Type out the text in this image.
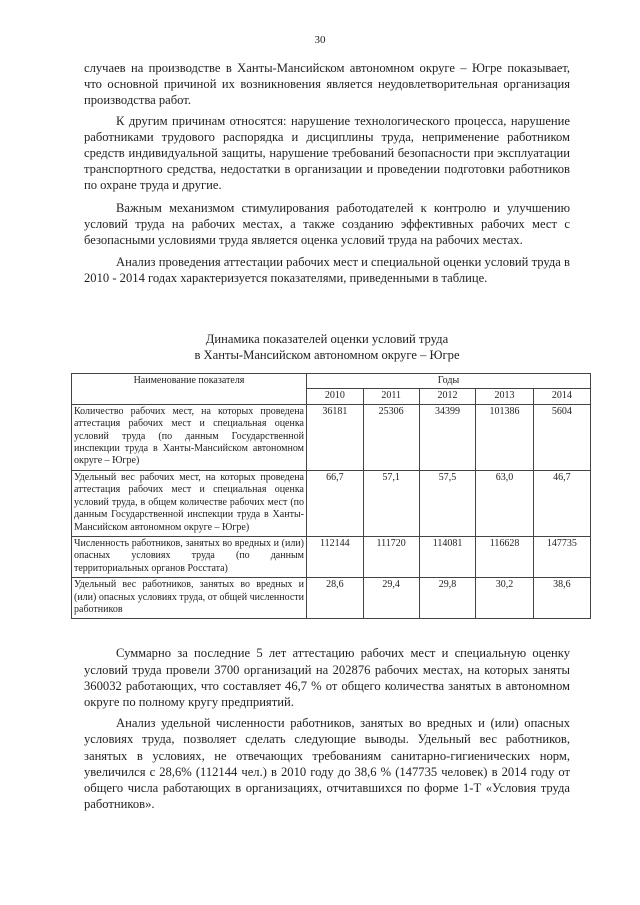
30

случаев на производстве в Ханты-Мансийском автономном округе – Югре показывает, что основной причиной их возникновения является неудовлетворительная организация производства работ.

К другим причинам относятся: нарушение технологического процесса, нарушение работниками трудового распорядка и дисциплины труда, неприменение работником средств индивидуальной защиты, нарушение требований безопасности при эксплуатации транспортного средства, недостатки в организации и проведении подготовки работников по охране труда и другие.

Важным механизмом стимулирования работодателей к контролю и улучшению условий труда на рабочих местах, а также созданию эффективных рабочих мест с безопасными условиями труда является оценка условий труда на рабочих местах.

Анализ проведения аттестации рабочих мест и специальной оценки условий труда в 2010 - 2014 годах характеризуется показателями, приведенными в таблице.

Динамика показателей оценки условий труда
в Ханты-Мансийском автономном округе – Югре
Наименование показателя	Годы				
	2010	2011	2012	2013	2014
Количество рабочих мест, на которых проведена аттестация рабочих мест и специальная оценка условий труда (по данным Государственной инспекции труда в Ханты-Мансийском автономном округе – Югре)	36181	25306	34399	101386	5604
Удельный вес рабочих мест, на которых проведена аттестация рабочих мест и специальная оценка условий труда, в общем количестве рабочих мест (по данным Государственной инспекции труда в Ханты-Мансийском автономном округе – Югре)	66,7	57,1	57,5	63,0	46,7
Численность работников, занятых во вредных и (или) опасных условиях труда (по данным территориальных органов Росстата)	112144	111720	114081	116628	147735
Удельный вес работников, занятых во вредных и (или) опасных условиях труда, от общей численности работников	28,6	29,4	29,8	30,2	38,6

Суммарно за последние 5 лет аттестацию рабочих мест и специальную оценку условий труда провели 3700 организаций на 202876 рабочих местах, на которых заняты 360032 работающих, что составляет 46,7 % от общего количества занятых в автономном округе по полному кругу предприятий.

Анализ удельной численности работников, занятых во вредных и (или) опасных условиях труда, позволяет сделать следующие выводы. Удельный вес работников, занятых в условиях, не отвечающих требованиям санитарно-гигиенических норм, увеличился с 28,6% (112144 чел.) в 2010 году до 38,6 % (147735 человек) в 2014 году от общего числа работающих в организациях, отчитавшихся по форме 1-Т «Условия труда работников».
